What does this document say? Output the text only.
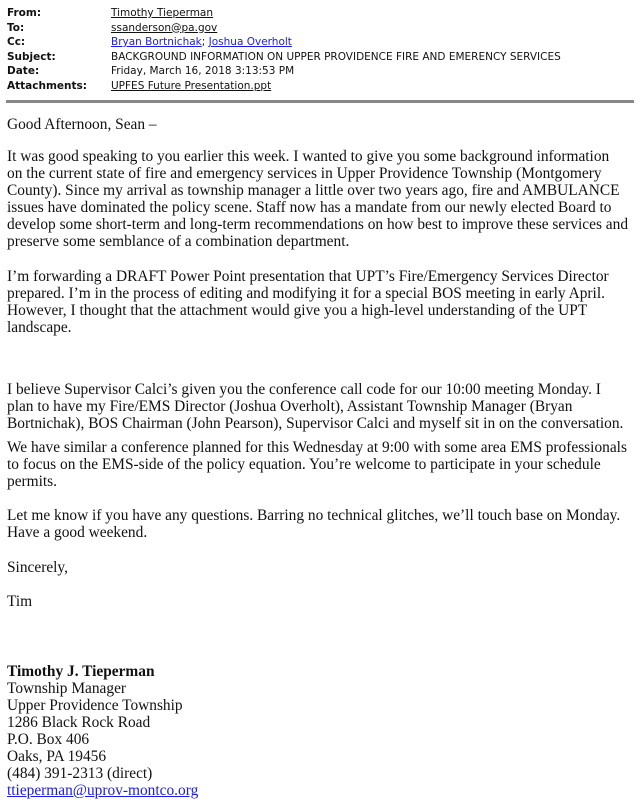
From:	Timothy Tieperman
To:	ssanderson@pa.gov
Cc:	Bryan Bortnichak; Joshua Overholt
Subject:	BACKGROUND INFORMATION ON UPPER PROVIDENCE FIRE AND EMERENCY SERVICES
Date:	Friday, March 16, 2018 3:13:53 PM
Attachments: UPFES Future Presentation.ppt
Good Afternoon, Sean –
It was good speaking to you earlier this week. I wanted to give you some background information
on the current state of fire and emergency services in Upper Providence Township (Montgomery
County). Since my arrival as township manager a little over two years ago, fire and AMBULANCE
issues have dominated the policy scene. Staff now has a mandate from our newly elected Board to
develop some short-term and long-term recommendations on how best to improve these services and
preserve some semblance of a combination department.
I’m forwarding a DRAFT Power Point presentation that UPT’s Fire/Emergency Services Director
prepared. I’m in the process of editing and modifying it for a special BOS meeting in early April.
However, I thought that the attachment would give you a high-level understanding of the UPT
landscape.
I believe Supervisor Calci’s given you the conference call code for our 10:00 meeting Monday. I
plan to have my Fire/EMS Director (Joshua Overholt), Assistant Township Manager (Bryan
Bortnichak), BOS Chairman (John Pearson), Supervisor Calci and myself sit in on the conversation.
We have similar a conference planned for this Wednesday at 9:00 with some area EMS professionals
to focus on the EMS-side of the policy equation. You’re welcome to participate in your schedule
permits.
Let me know if you have any questions. Barring no technical glitches, we’ll touch base on Monday.
Have a good weekend.
Sincerely,
Tim
Timothy J. Tieperman
Township Manager
Upper Providence Township
1286 Black Rock Road
P.O. Box 406
Oaks, PA 19456
(484) 391-2313 (direct)
ttieperman@uprov-montco.org
